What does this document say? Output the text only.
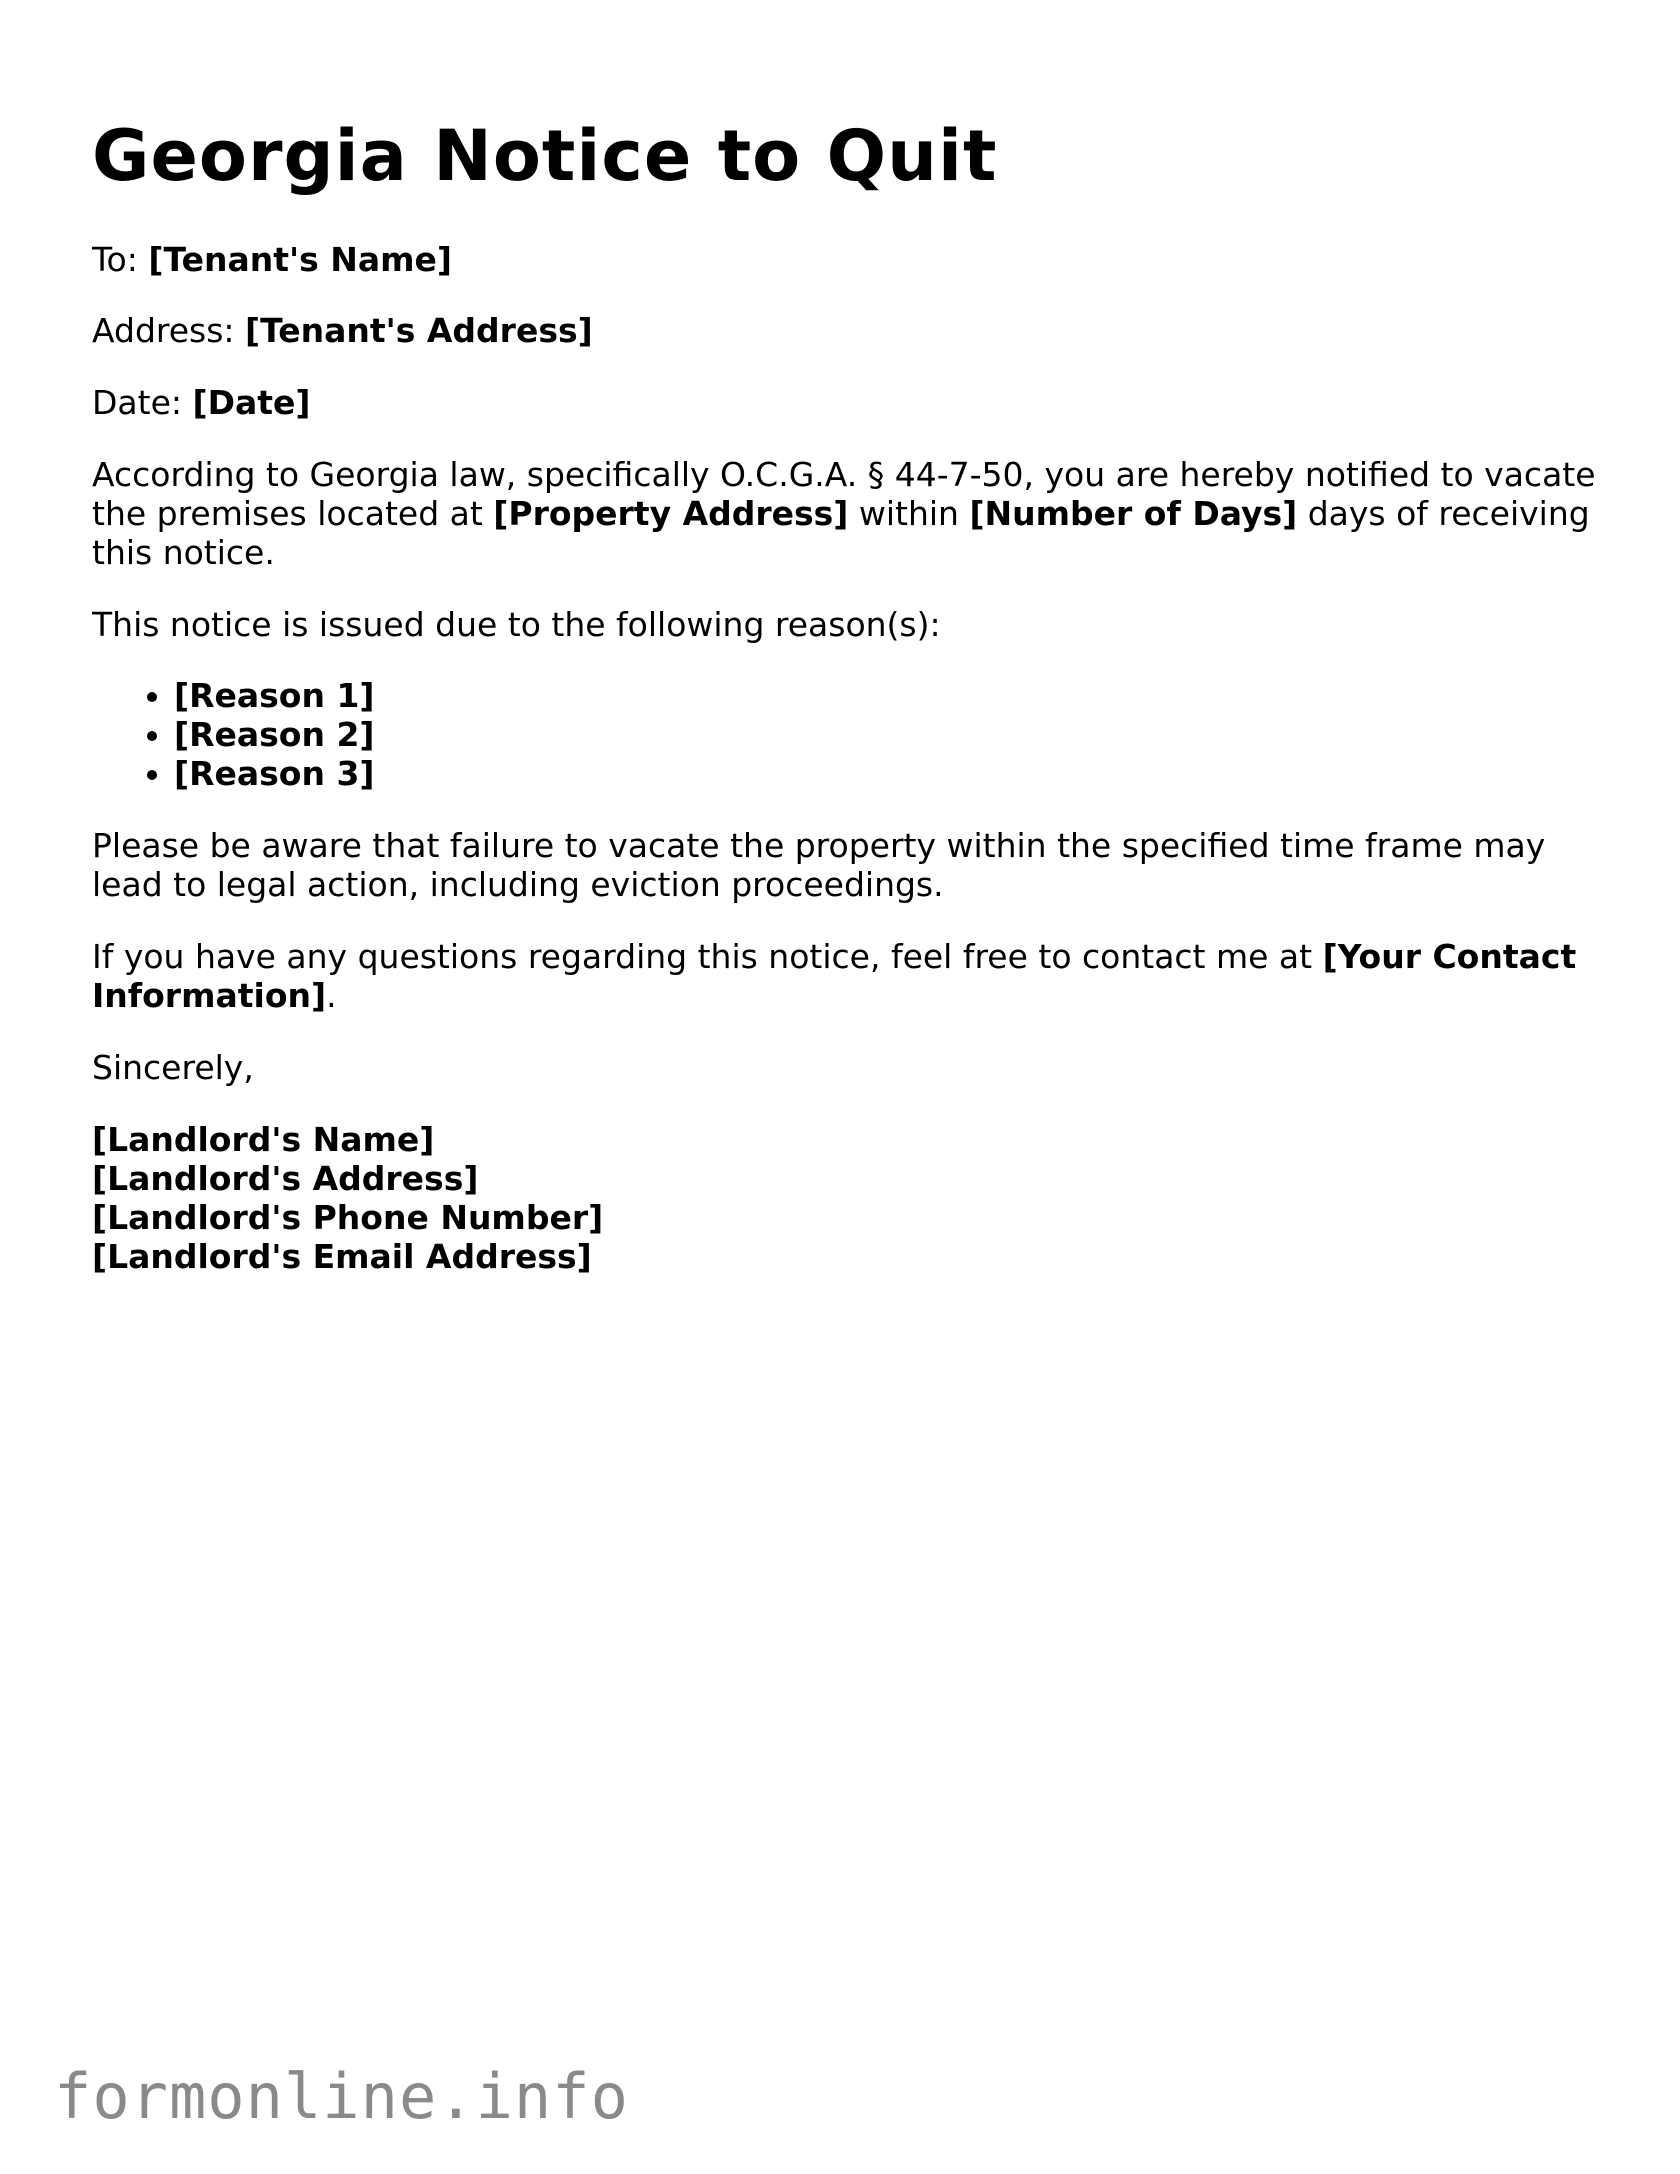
Georgia Notice to Quit

To: [Tenant's Name]

Address: [Tenant's Address]

Date: [Date]

According to Georgia law, specifically O.C.G.A. § 44-7-50, you are hereby notified to vacate the premises located at [Property Address] within [Number of Days] days of receiving this notice.

This notice is issued due to the following reason(s):

• [Reason 1]
• [Reason 2]
• [Reason 3]

Please be aware that failure to vacate the property within the specified time frame may lead to legal action, including eviction proceedings.

If you have any questions regarding this notice, feel free to contact me at [Your Contact Information].

Sincerely,

[Landlord's Name]

[Landlord's Address]

[Landlord's Phone Number]

[Landlord's Email Address]

formonline.info
